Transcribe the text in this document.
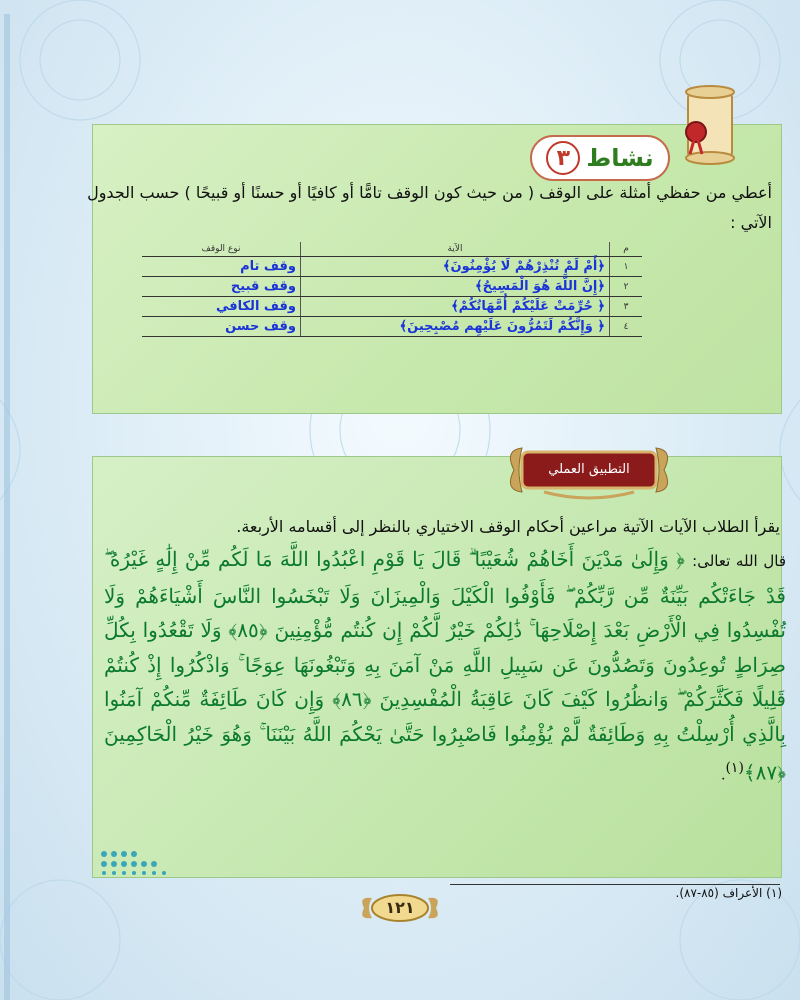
نشاط
٣
أعطي من حفظي أمثلة على الوقف ( من حيث كون الوقف تامًّا أو كافيًا أو حسنًا أو قبيحًا ) حسب الجدول الآتي :
م	الآية	نوع الوقف
١	﴿أَمْ لَمْ تُنْذِرْهُمْ لَا يُؤْمِنُونَ﴾	وقف تام
٢	﴿إِنَّ اللَّهَ هُوَ الْمَسِيحُ﴾	وقف قبيح
٣	﴿ حُرِّمَتْ عَلَيْكُمْ أُمَّهَاتُكُمْ﴾	وقف الكافي
٤	﴿ وَإِنَّكُمْ لَتَمُرُّونَ عَلَيْهِم مُصْبِحِينَ﴾	وقف حسن
التطبيق العملي
يقرأ الطلاب الآيات الآتية مراعين أحكام الوقف الاختياري بالنظر إلى أقسامه الأربعة.
قال الله تعالى: ﴿ وَإِلَىٰ مَدْيَنَ أَخَاهُمْ شُعَيْبًا ۗ قَالَ يَا قَوْمِ اعْبُدُوا اللَّهَ مَا لَكُم مِّنْ إِلَٰهٍ غَيْرُهُ ۖ قَدْ جَاءَتْكُم بَيِّنَةٌ مِّن رَّبِّكُمْ ۖ فَأَوْفُوا الْكَيْلَ وَالْمِيزَانَ وَلَا تَبْخَسُوا النَّاسَ أَشْيَاءَهُمْ وَلَا تُفْسِدُوا فِي الْأَرْضِ بَعْدَ إِصْلَاحِهَا ۚ ذَٰلِكُمْ خَيْرٌ لَّكُمْ إِن كُنتُم مُّؤْمِنِينَ ﴿٨٥﴾ وَلَا تَقْعُدُوا بِكُلِّ صِرَاطٍ تُوعِدُونَ وَتَصُدُّونَ عَن سَبِيلِ اللَّهِ مَنْ آمَنَ بِهِ وَتَبْغُونَهَا عِوَجًا ۚ وَاذْكُرُوا إِذْ كُنتُمْ قَلِيلًا فَكَثَّرَكُمْ ۖ وَانظُرُوا كَيْفَ كَانَ عَاقِبَةُ الْمُفْسِدِينَ ﴿٨٦﴾ وَإِن كَانَ طَائِفَةٌ مِّنكُمْ آمَنُوا بِالَّذِي أُرْسِلْتُ بِهِ وَطَائِفَةٌ لَّمْ يُؤْمِنُوا فَاصْبِرُوا حَتَّىٰ يَحْكُمَ اللَّهُ بَيْنَنَا ۚ وَهُوَ خَيْرُ الْحَاكِمِينَ ﴿٨٧﴾$^{(١)}$.
(١) الأعراف (٨٥-٨٧).
١٢١
